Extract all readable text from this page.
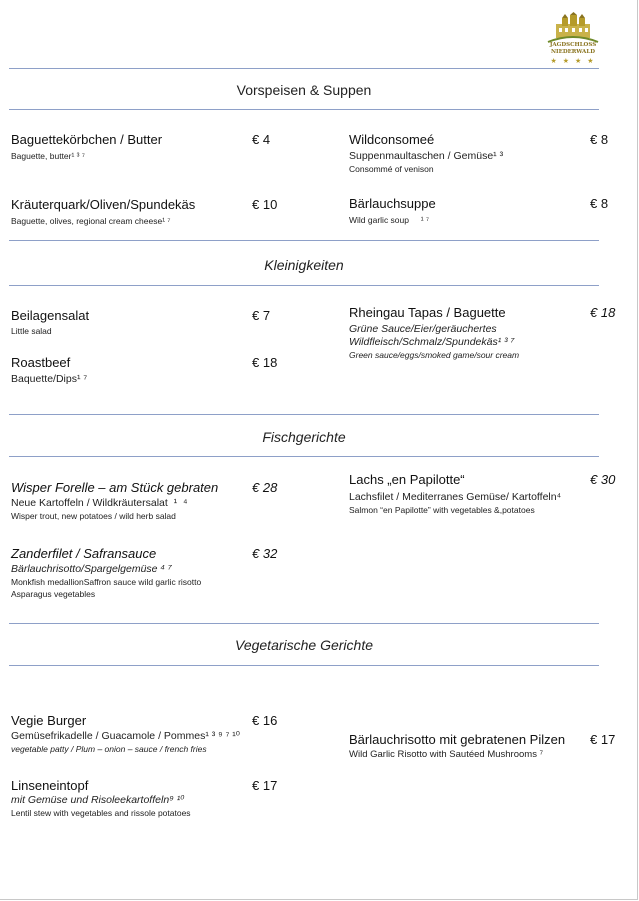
JAGDSCHLOSS
NIEDERWALD
★ ★ ★ ★
Vorspeisen & Suppen
Baguettekörbchen / Butter
Baguette, butter¹ ³ ⁷
€ 4
Kräuterquark/Oliven/Spundekäs
Baguette, olives, regional cream cheese¹ ⁷
€ 10
Wildconsomeé
Suppenmaultaschen / Gemüse¹ ³
Consommé of venison
€ 8
Bärlauchsuppe
Wild garlic soup     ¹ ⁷
€ 8
Kleinigkeiten
Beilagensalat
Little salad
€ 7
Roastbeef
Baquette/Dips¹ ⁷
€ 18
Rheingau Tapas / Baguette
Grüne Sauce/Eier/geräuchertes
Wildfleisch/Schmalz/Spundekäs¹ ³ ⁷
Green sauce/eggs/smoked game/sour cream
€ 18
Fischgerichte
Wisper Forelle – am Stück gebraten
Neue Kartoffeln / Wildkräutersalat  ¹  ⁴
Wisper trout, new potatoes / wild herb salad
€ 28
Zanderfilet / Safransauce
Bärlauchrisotto/Spargelgemüse ⁴ ⁷
Monkfish medallionSaffron sauce wild garlic risotto
Asparagus vegetables
€ 32
Lachs „en Papilotte“
Lachsfilet / Mediterranes Gemüse/ Kartoffeln⁴
Salmon “en Papilotte” with vegetables &,potatoes
€ 30
Vegetarische Gerichte
Vegie Burger
Gemüsefrikadelle / Guacamole / Pommes¹ ³ ⁹ ⁷ ¹⁰
vegetable patty / Plum – onion – sauce / french fries
€ 16
Linseneintopf
mit Gemüse und Risoleekartoffeln⁹ ¹⁰
Lentil stew with vegetables and rissole potatoes
€ 17
Bärlauchrisotto mit gebratenen Pilzen
Wild Garlic Risotto with Sautéed Mushrooms ⁷
€ 17
